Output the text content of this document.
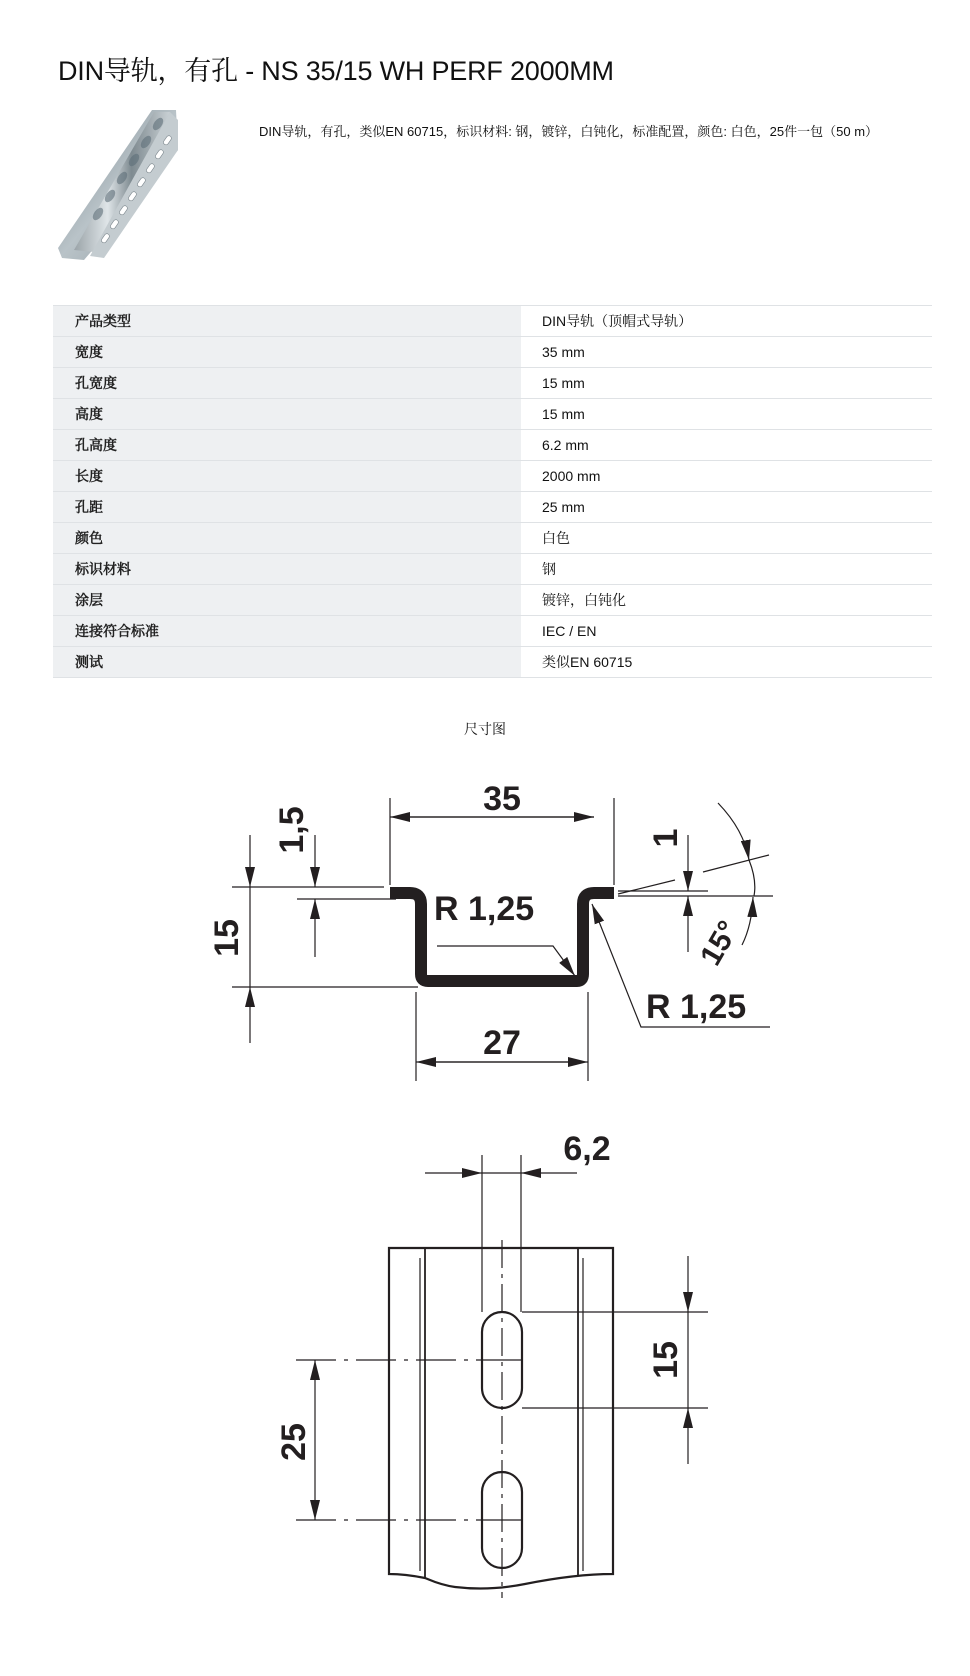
DIN导轨，有孔 - NS 35/15 WH PERF 2000MM
DIN导轨，有孔，类似EN 60715，标识材料: 钢，镀锌，白钝化，标准配置，颜色: 白色，25件一包（50 m）
产品类型	DIN导轨（顶帽式导轨）
宽度	35 mm
孔宽度	15 mm
高度	15 mm
孔高度	6.2 mm
长度	2000 mm
孔距	25 mm
颜色	白色
标识材料	钢
涂层	镀锌，白钝化
连接符合标准	IEC / EN
测试	类似EN 60715
尺寸图
35
27
15
1,5
R 1,25
R 1,25
1
15°
6,2
15
25
